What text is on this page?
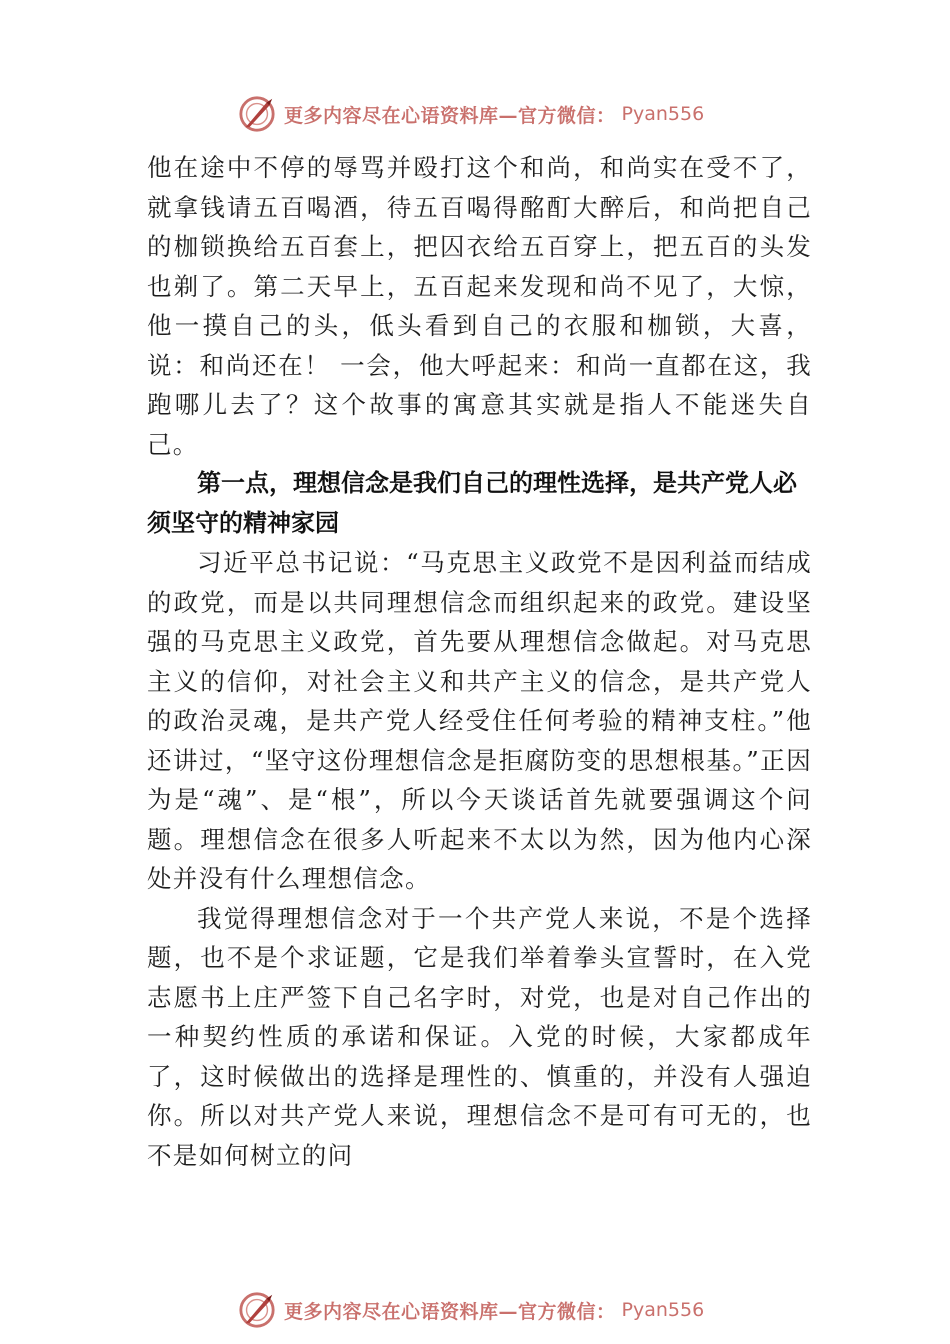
更多内容尽在心语资料库—官方微信： Pyan556

他在途中不停的辱骂并殴打这个和尚，和尚实在受不了，就拿钱请五百喝酒，待五百喝得酩酊大醉后，和尚把自己的枷锁换给五百套上，把囚衣给五百穿上，把五百的头发也剃了。第二天早上，五百起来发现和尚不见了，大惊，他一摸自己的头，低头看到自己的衣服和枷锁，大喜，说：和尚还在！ 一会，他大呼起来：和尚一直都在这，我跑哪儿去了？这个故事的寓意其实就是指人不能迷失自己。

第一点，理想信念是我们自己的理性选择，是共产党人必须坚守的精神家园

习近平总书记说：“马克思主义政党不是因利益而结成的政党，而是以共同理想信念而组织起来的政党。建设坚强的马克思主义政党，首先要从理想信念做起。对马克思主义的信仰，对社会主义和共产主义的信念，是共产党人的政治灵魂，是共产党人经受住任何考验的精神支柱。”他还讲过，“坚守这份理想信念是拒腐防变的思想根基。”正因为是“魂”、是“根”，所以今天谈话首先就要强调这个问题。理想信念在很多人听起来不太以为然，因为他内心深处并没有什么理想信念。

我觉得理想信念对于一个共产党人来说，不是个选择题，也不是个求证题，它是我们举着拳头宣誓时，在入党志愿书上庄严签下自己名字时，对党，也是对自己作出的一种契约性质的承诺和保证。入党的时候，大家都成年了，这时候做出的选择是理性的、慎重的，并没有人强迫你。所以对共产党人来说，理想信念不是可有可无的，也不是如何树立的问

更多内容尽在心语资料库—官方微信： Pyan556
